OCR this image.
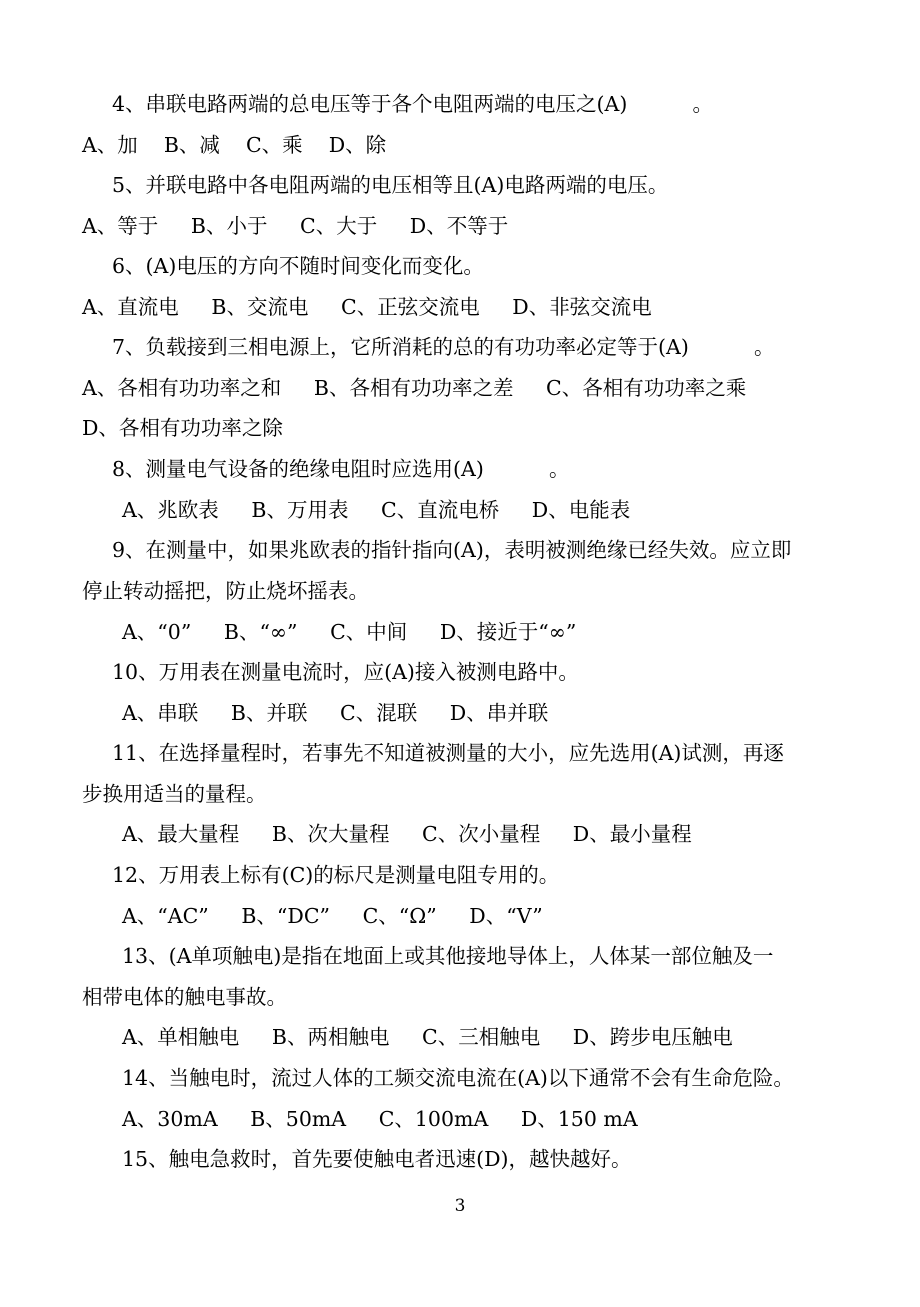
4、串联电路两端的总电压等于各个电阻两端的电压之(A)          。
A、加    B、减    C、乘    D、除
5、并联电路中各电阻两端的电压相等且(A)电路两端的电压。
A、等于     B、小于     C、大于     D、不等于
6、(A)电压的方向不随时间变化而变化。
A、直流电     B、交流电     C、正弦交流电     D、非弦交流电
7、负载接到三相电源上，它所消耗的总的有功功率必定等于(A)          。
A、各相有功功率之和     B、各相有功功率之差     C、各相有功功率之乘
D、各相有功功率之除
8、测量电气设备的绝缘电阻时应选用(A)          。
A、兆欧表     B、万用表     C、直流电桥     D、电能表
9、在测量中，如果兆欧表的指针指向(A)，表明被测绝缘已经失效。应立即
停止转动摇把，防止烧坏摇表。
A、“0”     B、“∞”     C、中间     D、接近于“∞”
10、万用表在测量电流时，应(A)接入被测电路中。
A、串联     B、并联     C、混联     D、串并联
11、在选择量程时，若事先不知道被测量的大小，应先选用(A)试测，再逐
步换用适当的量程。
A、最大量程     B、次大量程     C、次小量程     D、最小量程
12、万用表上标有(C)的标尺是测量电阻专用的。
A、“AC”     B、“DC”     C、“Ω”     D、“V”
13、(A单项触电)是指在地面上或其他接地导体上，人体某一部位触及一
相带电体的触电事故。
A、单相触电     B、两相触电     C、三相触电     D、跨步电压触电
14、当触电时，流过人体的工频交流电流在(A)以下通常不会有生命危险。
A、30mA     B、50mA     C、100mA     D、150 mA
15、触电急救时，首先要使触电者迅速(D)，越快越好。
3
